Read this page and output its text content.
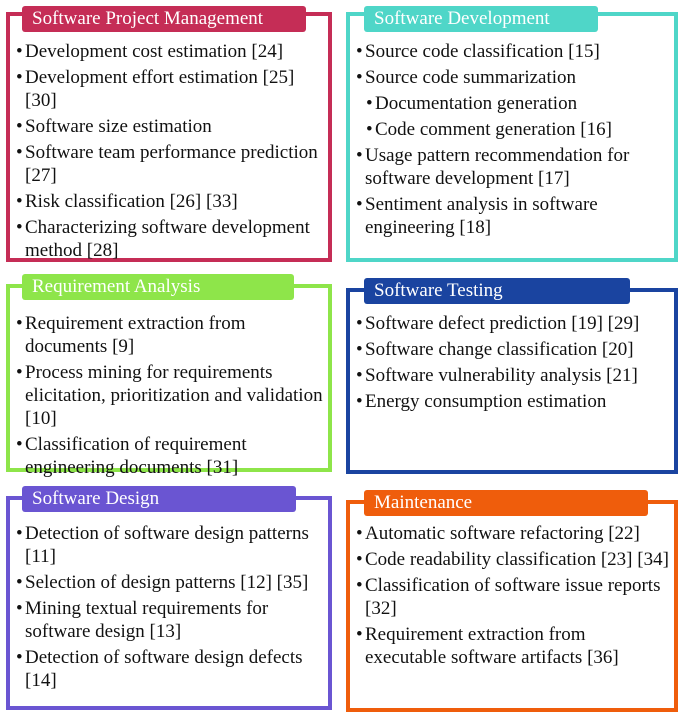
Software Project Management
• Development cost estimation [24]
• Development effort estimation [25] [30]
• Software size estimation
• Software team performance prediction [27]
• Risk classification [26] [33]
• Characterizing software development method [28]
Software Development
• Source code classification [15]
• Source code summarization
• Documentation generation
• Code comment generation [16]
• Usage pattern recommendation for software development [17]
• Sentiment analysis in software engineering [18]
Requirement Analysis
• Requirement extraction from documents [9]
• Process mining for requirements elicitation, prioritization and validation [10]
• Classification of requirement engineering documents [31]
Software Testing
• Software defect prediction [19] [29]
• Software change classification [20]
• Software vulnerability analysis [21]
• Energy consumption estimation
Software Design
• Detection of software design patterns [11]
• Selection of design patterns [12] [35]
• Mining textual requirements for software design [13]
• Detection of software design defects [14]
Maintenance
• Automatic software refactoring [22]
• Code readability classification [23] [34]
• Classification of software issue reports [32]
• Requirement extraction from executable software artifacts [36]
